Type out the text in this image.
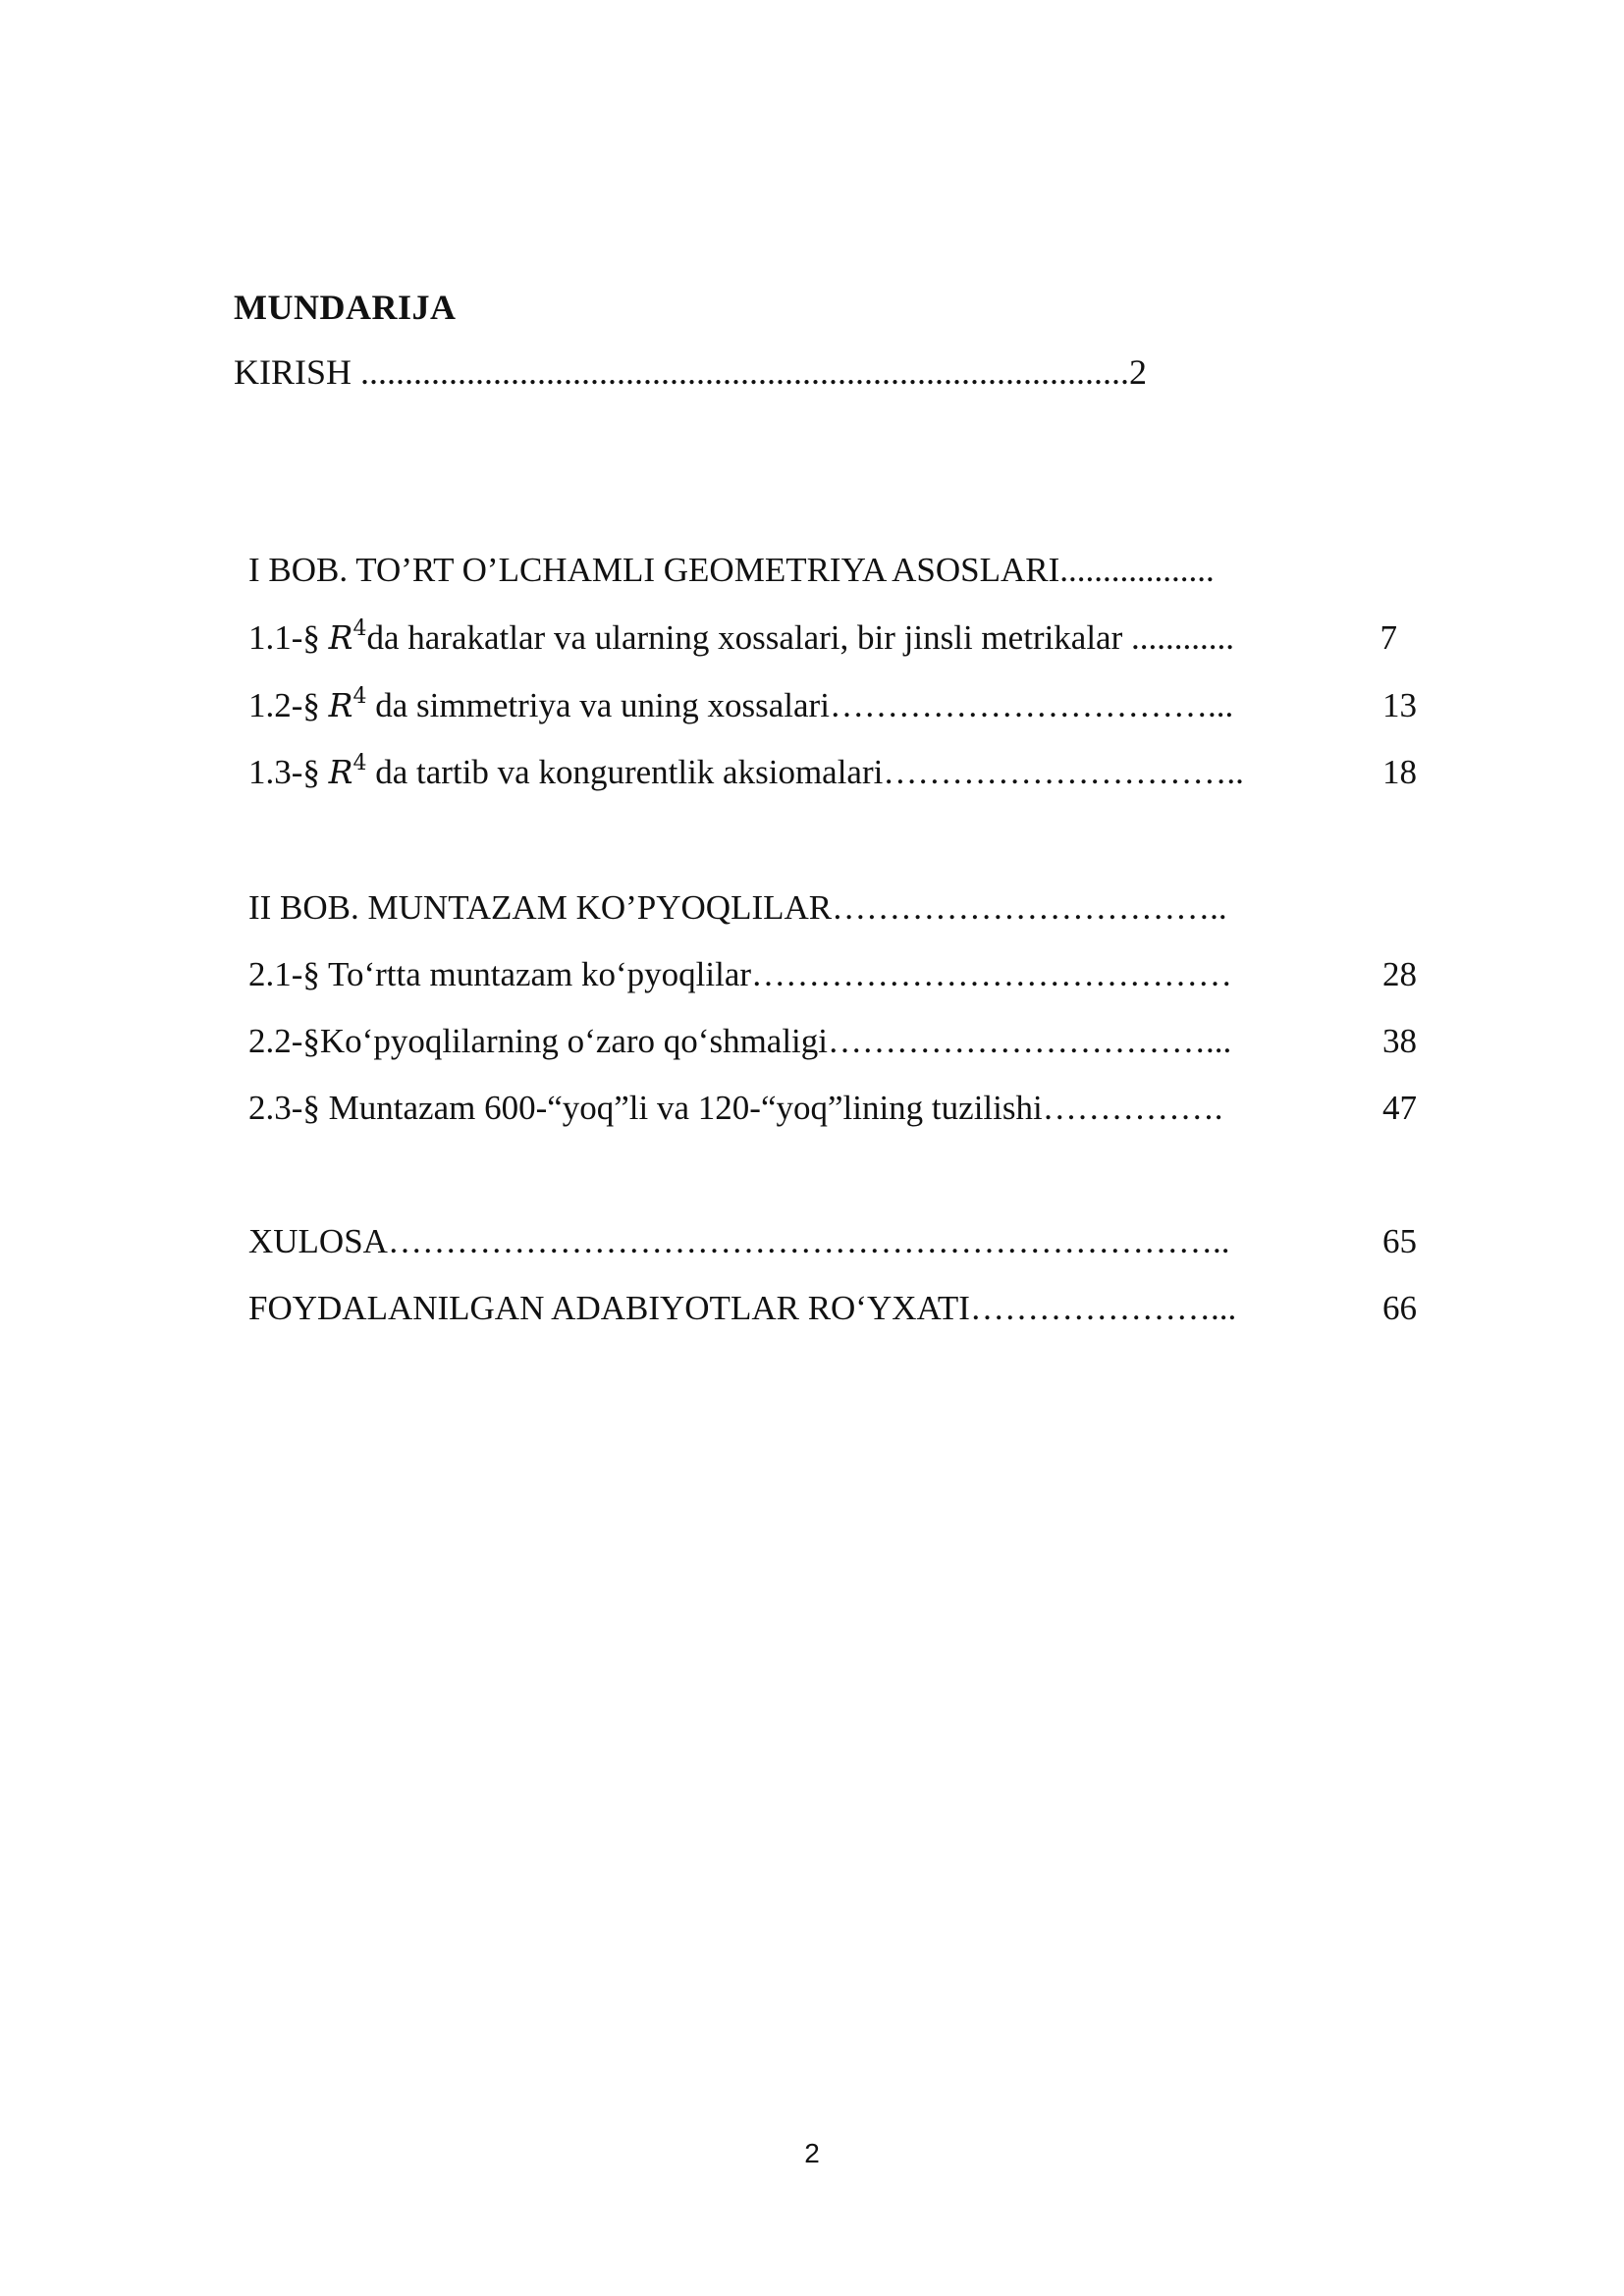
MUNDARIJA
KIRISH .......................................................................................2
I BOB. TO’RT O’LCHAMLI GEOMETRIYA ASOSLARI..................
1.1-§ $R^4da$ harakatlar va ularning xossalari, bir jinsli metrikalar ............	7
1.2-§ $R^4$ da simmetriya va uning xossalari……………………………...	13
1.3-§ $R^4$ da tartib va kongurentlik aksiomalari…………………………..	18
II BOB. MUNTAZAM KO’PYOQLILAR……………………………..
2.1-§ To‘rtta muntazam ko‘pyoqlilar……………………………………	28
2.2-§Ko‘pyoqlilarning o‘zaro qo‘shmaligi……………………………...	38
2.3-§ Muntazam 600-“yoq”li va 120-“yoq”lining tuzilishi…………….	47
XULOSA………………………………………………………………..	65
FOYDALANILGAN ADABIYOTLAR RO‘YXATI…………………...	66
2
